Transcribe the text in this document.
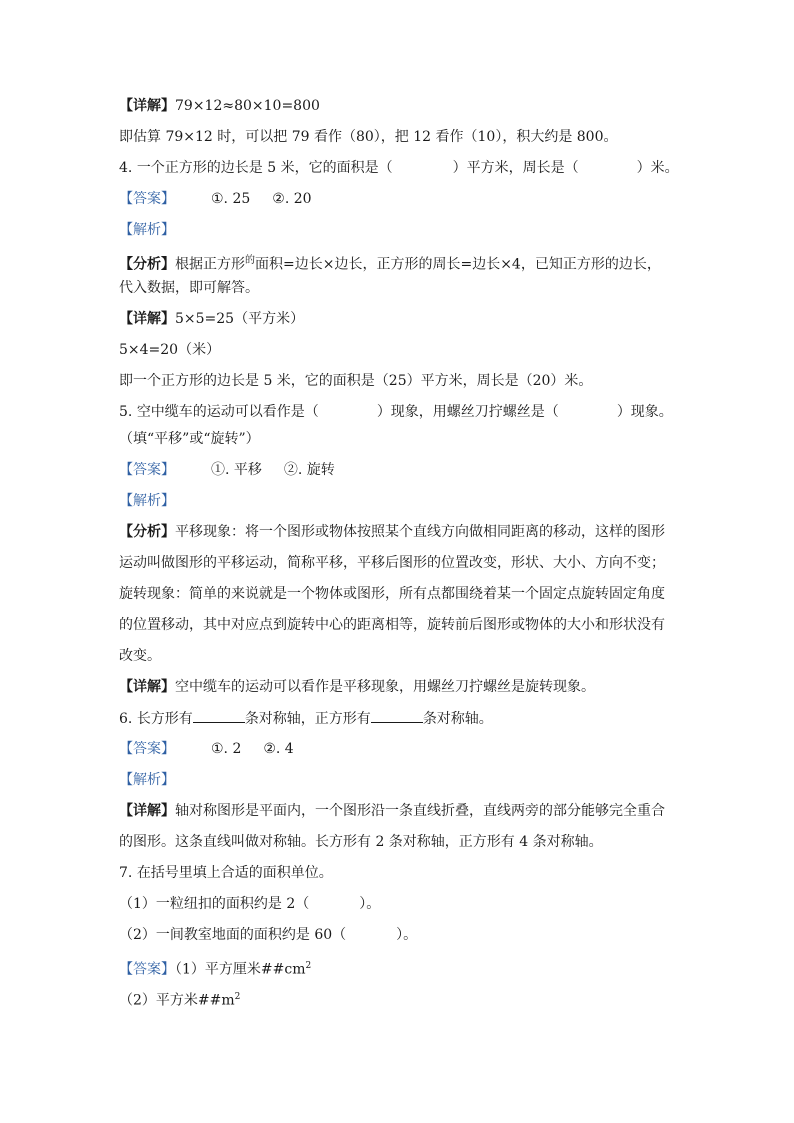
【详解】79×12≈80×10=800
即估算 79×12 时，可以把 79 看作（80），把 12 看作（10），积大约是 800。
4. 一个正方形的边长是 5 米，它的面积是（	）平方米，周长是（	）米。
【答案】	①. 25 ②. 20
【解析】
【分析】根据正方形$^的$面积=边长×边长，正方形的周长=边长×4，已知正方形的边长，
代入数据，即可解答。
【详解】5×5=25（平方米）
5×4=20（米）
即一个正方形的边长是 5 米，它的面积是（25）平方米，周长是（20）米。
5. 空中缆车的运动可以看作是（	）现象，用螺丝刀拧螺丝是（	）现象。
（填“平移”或“旋转”）
【答案】	①. 平移 ②. 旋转
【解析】
【分析】平移现象：将一个图形或物体按照某个直线方向做相同距离的移动，这样的图形
运动叫做图形的平移运动，简称平移，平移后图形的位置改变，形状、大小、方向不变；
旋转现象：简单的来说就是一个物体或图形，所有点都围绕着某一个固定点旋转固定角度
的位置移动，其中对应点到旋转中心的距离相等，旋转前后图形或物体的大小和形状没有
改变。
【详解】空中缆车的运动可以看作是平移现象，用螺丝刀拧螺丝是旋转现象。
6. 长方形有	条对称轴，正方形有	条对称轴。
【答案】	①. 2 ②. 4
【解析】
【详解】轴对称图形是平面内，一个图形沿一条直线折叠，直线两旁的部分能够完全重合
的图形。这条直线叫做对称轴。长方形有 2 条对称轴，正方形有 4 条对称轴。
7. 在括号里填上合适的面积单位。
（1）一粒纽扣的面积约是 2（	）。
（2）一间教室地面的面积约是 60（	）。
【答案】（1）平方厘米$\#\#cm^2$
（2）平方米$\#\#m^2$
